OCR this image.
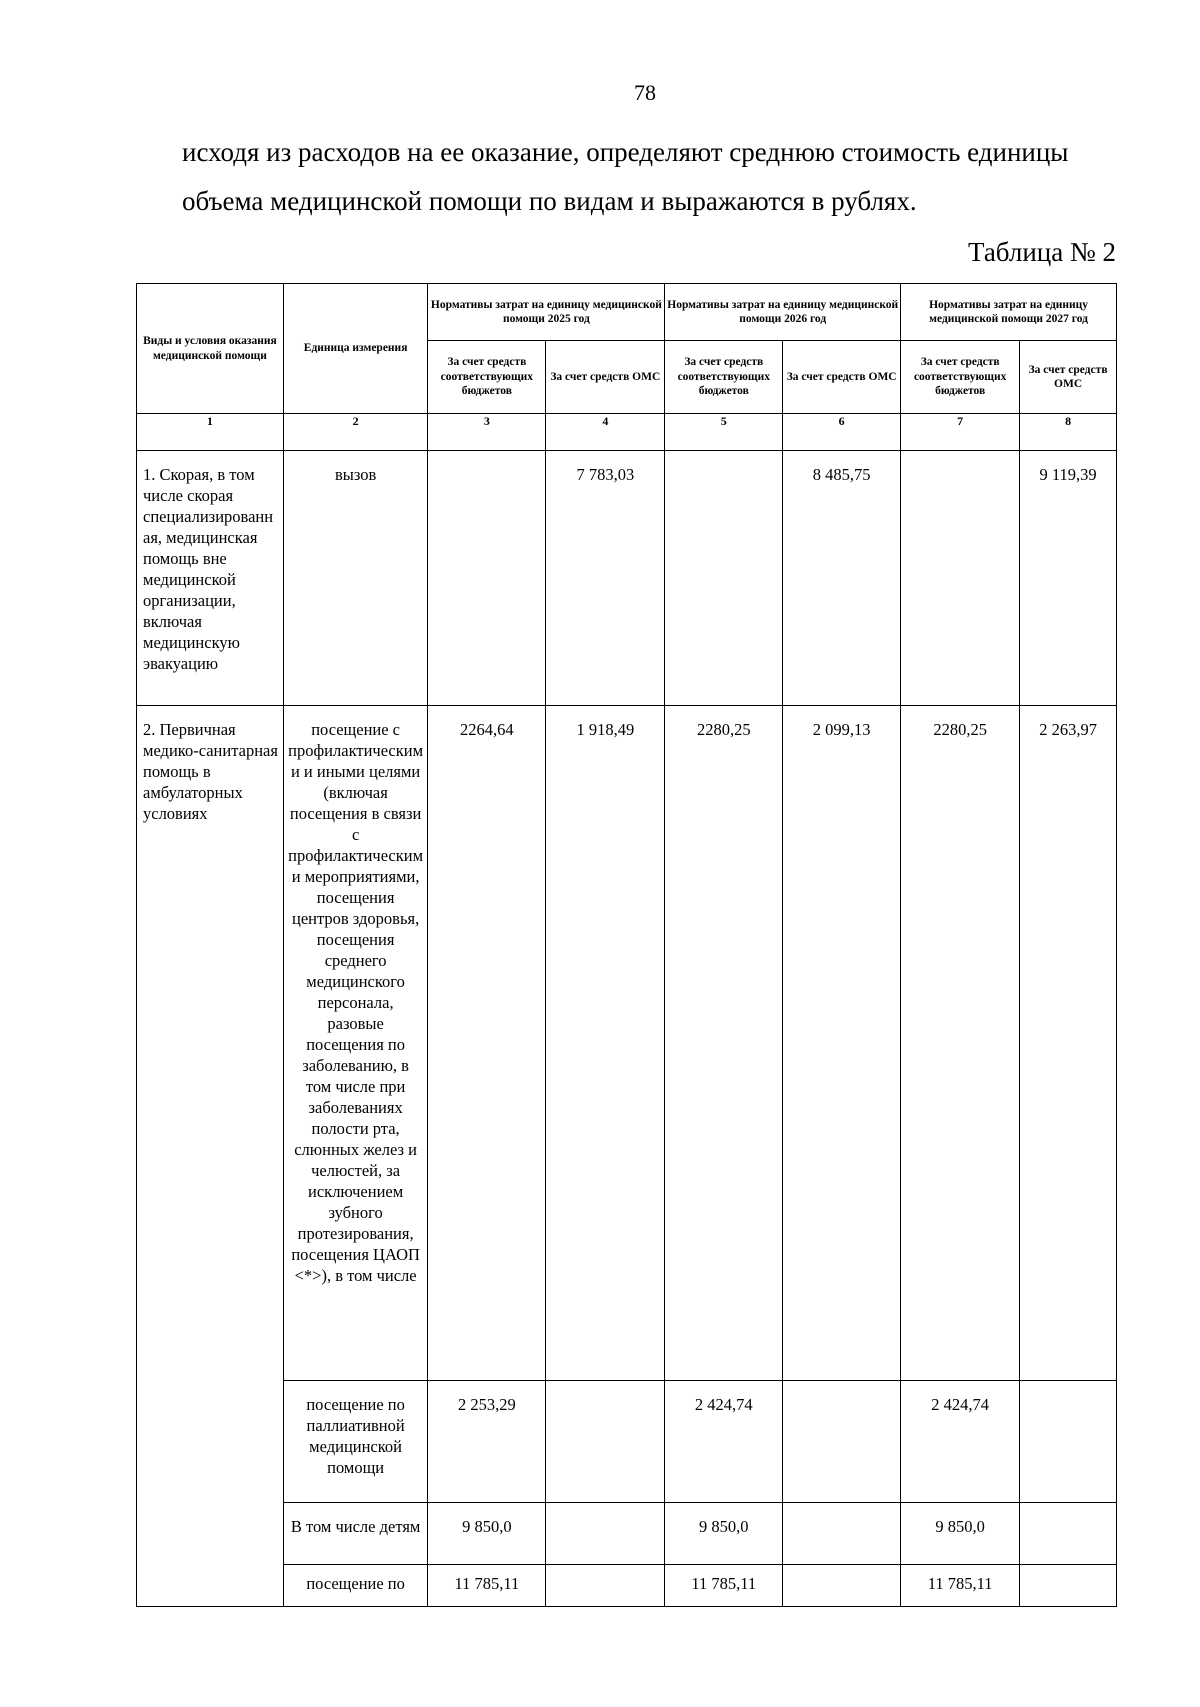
78
исходя из расходов на ее оказание, определяют среднюю стоимость единицы
объема медицинской помощи по видам и выражаются в рублях.
Таблица № 2
Виды и условия оказания медицинской помощи	Единица измерения	Нормативы затрат на единицу медицинской помощи 2025 год		Нормативы затрат на единицу медицинской помощи 2026 год		Нормативы затрат на единицу медицинской помощи 2027 год	
		За счет средств соответствующих бюджетов	За счет средств ОМС	За счет средств соответствующих бюджетов	За счет средств ОМС	За счет средств соответствующих бюджетов	За счет средств ОМС
1	2	3	4	5	6	7	8
1. Скорая, в том числе скорая специализированная, медицинская помощь вне медицинской организации, включая медицинскую эвакуацию	вызов		7 783,03		8 485,75		9 119,39
2. Первичная медико-санитарная помощь в амбулаторных условиях	посещение с профилактическими и иными целями (включая посещения в связи с профилактическими мероприятиями, посещения центров здоровья, посещения среднего медицинского персонала, разовые посещения по заболеванию, в том числе при заболеваниях полости рта, слюнных желез и челюстей, за исключением зубного протезирования, посещения ЦАОП <*>), в том числе	2264,64	1 918,49	2280,25	2 099,13	2280,25	2 263,97
	посещение по паллиативной медицинской помощи	2 253,29		2 424,74		2 424,74	
	В том числе детям	9 850,0		9 850,0		9 850,0	
	посещение по	11 785,11		11 785,11		11 785,11	
